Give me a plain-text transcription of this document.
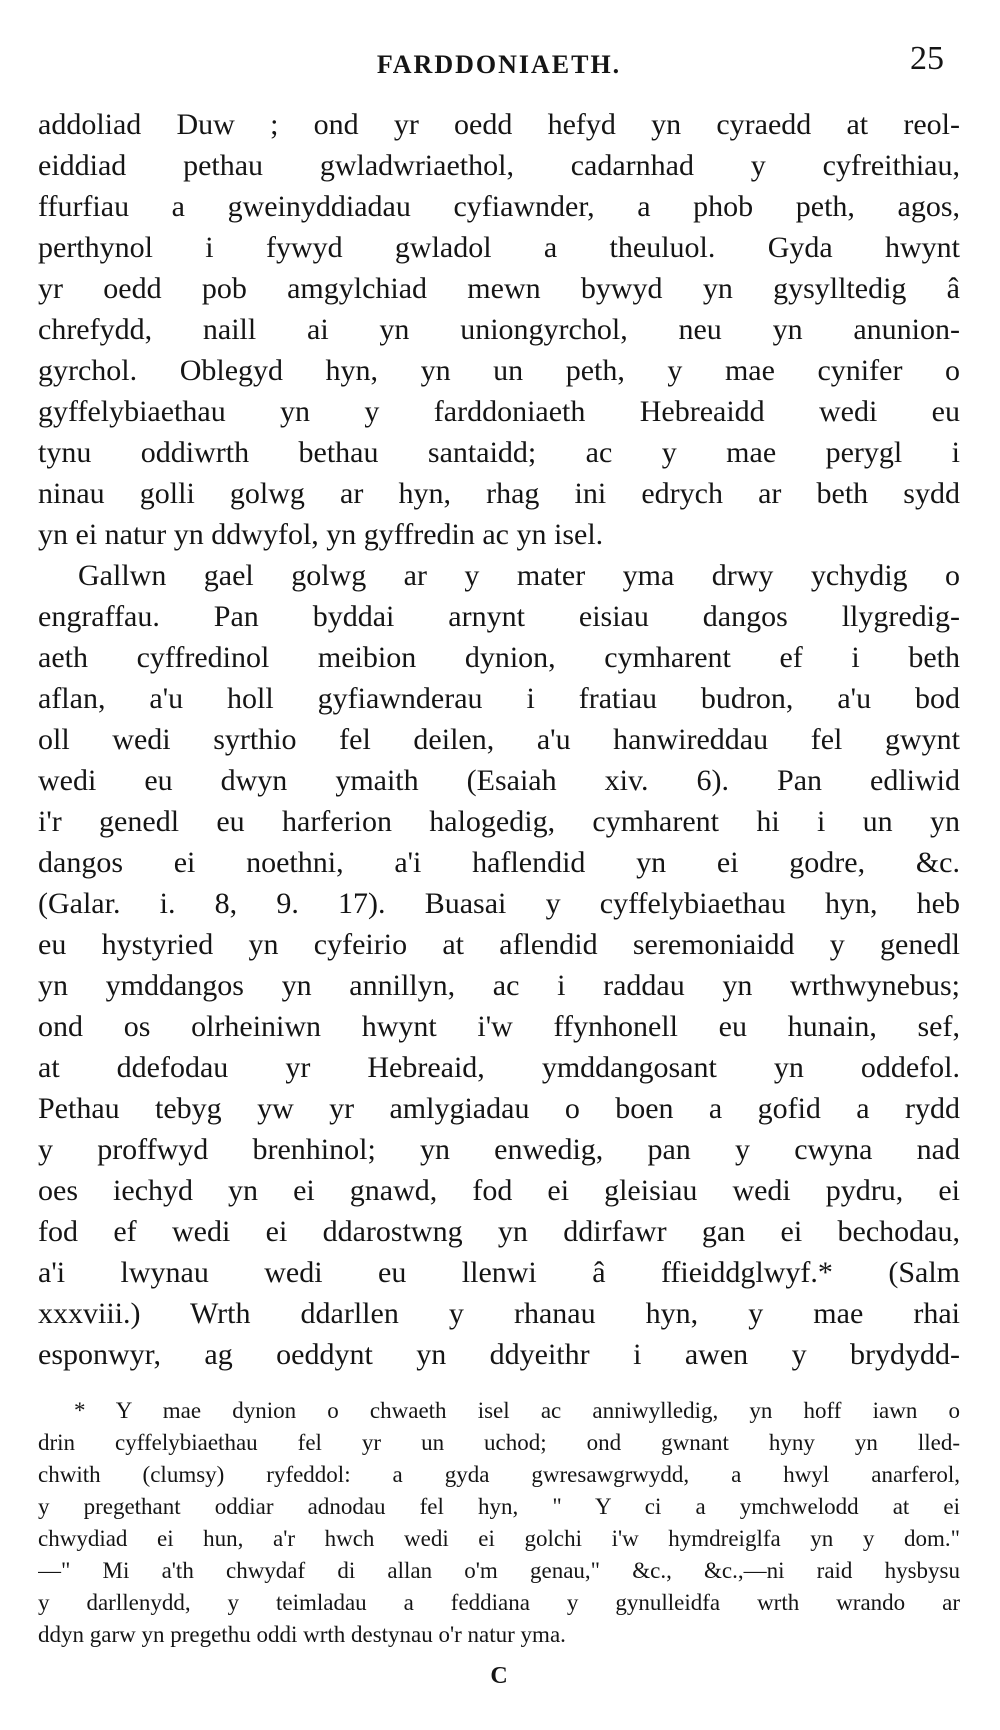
FARDDONIAETH.	25
addoliad Duw ; ond yr oedd hefyd yn cyraedd at reol-
eiddiad pethau gwladwriaethol, cadarnhad y cyfreithiau,
ffurfiau a gweinyddiadau cyfiawnder, a phob peth, agos,
perthynol i fywyd gwladol a theuluol. Gyda hwynt
yr oedd pob amgylchiad mewn bywyd yn gysylltedig â
chrefydd, naill ai yn uniongyrchol, neu yn anunion-
gyrchol. Oblegyd hyn, yn un peth, y mae cynifer o
gyffelybiaethau yn y farddoniaeth Hebreaidd wedi eu
tynu oddiwrth bethau santaidd; ac y mae perygl i
ninau golli golwg ar hyn, rhag ini edrych ar beth sydd
yn ei natur yn ddwyfol, yn gyffredin ac yn isel.
Gallwn gael golwg ar y mater yma drwy ychydig o
engraffau. Pan byddai arnynt eisiau dangos llygredig-
aeth cyffredinol meibion dynion, cymharent ef i beth
aflan, a'u holl gyfiawnderau i fratiau budron, a'u bod
oll wedi syrthio fel deilen, a'u hanwireddau fel gwynt
wedi eu dwyn ymaith (Esaiah xiv. 6). Pan edliwid
i'r genedl eu harferion halogedig, cymharent hi i un yn
dangos ei noethni, a'i haflendid yn ei godre, &c.
(Galar. i. 8, 9. 17). Buasai y cyffelybiaethau hyn, heb
eu hystyried yn cyfeirio at aflendid seremoniaidd y genedl
yn ymddangos yn annillyn, ac i raddau yn wrthwynebus;
ond os olrheiniwn hwynt i'w ffynhonell eu hunain, sef,
at ddefodau yr Hebreaid, ymddangosant yn oddefol.
Pethau tebyg yw yr amlygiadau o boen a gofid a rydd
y proffwyd brenhinol; yn enwedig, pan y cwyna nad
oes iechyd yn ei gnawd, fod ei gleisiau wedi pydru, ei
fod ef wedi ei ddarostwng yn ddirfawr gan ei bechodau,
a'i lwynau wedi eu llenwi â ffieiddglwyf.* (Salm
xxxviii.) Wrth ddarllen y rhanau hyn, y mae rhai
esponwyr, ag oeddynt yn ddyeithr i awen y brydydd-
* Y mae dynion o chwaeth isel ac anniwylledig, yn hoff iawn o
drin cyffelybiaethau fel yr un uchod; ond gwnant hyny yn lled-
chwith (clumsy) ryfeddol: a gyda gwresawgrwydd, a hwyl anarferol,
y pregethant oddiar adnodau fel hyn, " Y ci a ymchwelodd at ei
chwydiad ei hun, a'r hwch wedi ei golchi i'w hymdreiglfa yn y dom."
—" Mi a'th chwydaf di allan o'm genau," &c., &c.,—ni raid hysbysu
y darllenydd, y teimladau a feddiana y gynulleidfa wrth wrando ar
ddyn garw yn pregethu oddi wrth destynau o'r natur yma.
C
